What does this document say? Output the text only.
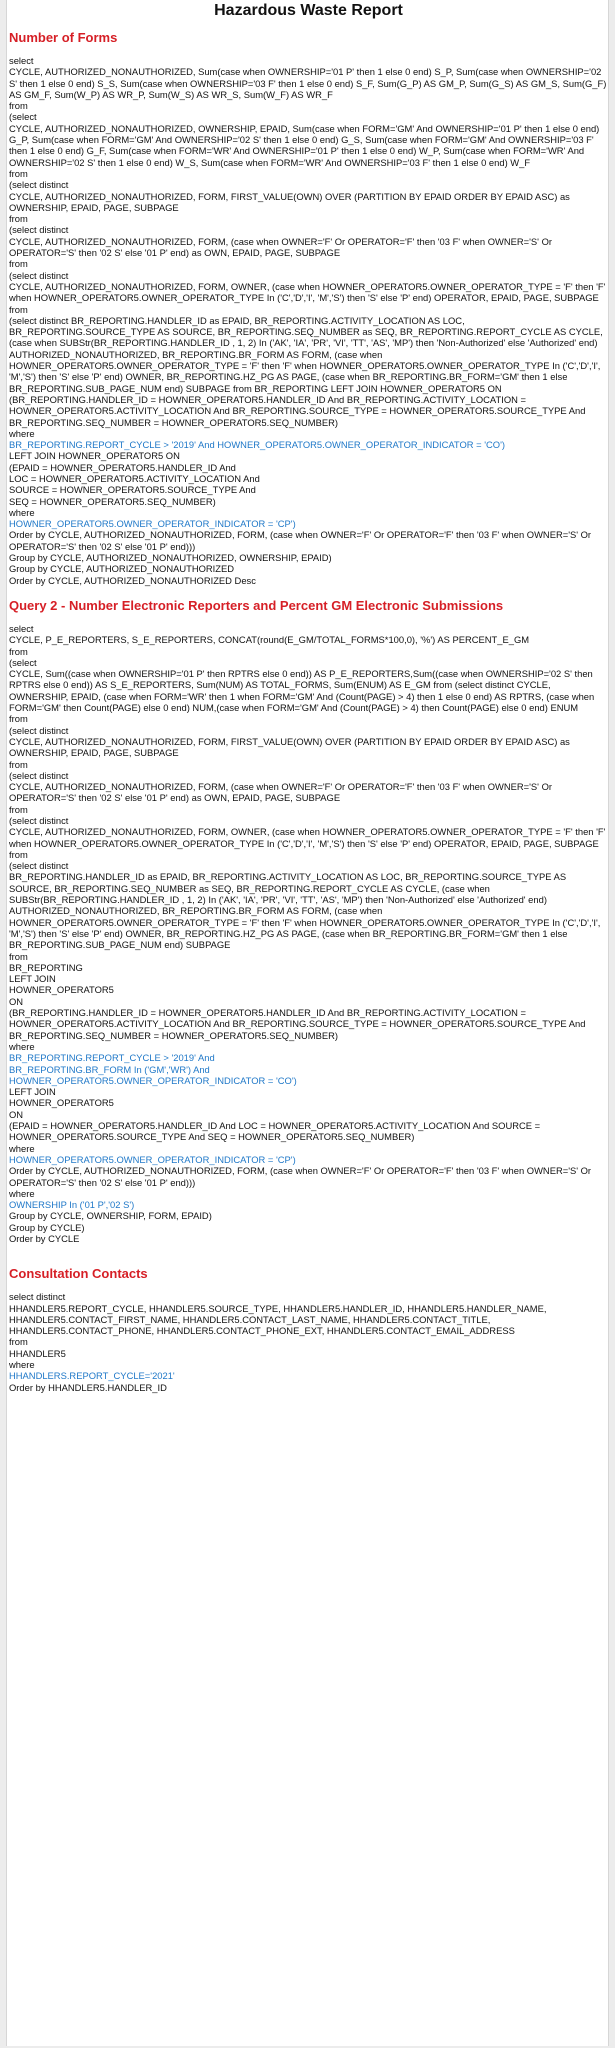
Hazardous Waste Report
Number of Forms
select
CYCLE, AUTHORIZED_NONAUTHORIZED, Sum(case when OWNERSHIP='01 P' then 1 else 0 end) S_P, Sum(case when OWNERSHIP='02 S' then 1 else 0 end) S_S, Sum(case when OWNERSHIP='03 F' then 1 else 0 end) S_F, Sum(G_P) AS GM_P, Sum(G_S) AS GM_S, Sum(G_F) AS GM_F, Sum(W_P) AS WR_P, Sum(W_S) AS WR_S, Sum(W_F) AS WR_F
from
(select
CYCLE, AUTHORIZED_NONAUTHORIZED, OWNERSHIP, EPAID, Sum(case when FORM='GM' And OWNERSHIP='01 P' then 1 else 0 end) G_P, Sum(case when FORM='GM' And OWNERSHIP='02 S' then 1 else 0 end) G_S, Sum(case when FORM='GM' And OWNERSHIP='03 F' then 1 else 0 end) G_F, Sum(case when FORM='WR' And OWNERSHIP='01 P' then 1 else 0 end) W_P, Sum(case when FORM='WR' And OWNERSHIP='02 S' then 1 else 0 end) W_S, Sum(case when FORM='WR' And OWNERSHIP='03 F' then 1 else 0 end) W_F
from
(select distinct
CYCLE, AUTHORIZED_NONAUTHORIZED, FORM, FIRST_VALUE(OWN) OVER (PARTITION BY EPAID ORDER BY EPAID ASC) as OWNERSHIP, EPAID, PAGE, SUBPAGE
from
(select distinct
CYCLE, AUTHORIZED_NONAUTHORIZED, FORM, (case when OWNER='F' Or OPERATOR='F' then '03 F' when OWNER='S' Or OPERATOR='S' then '02 S' else '01 P' end) as OWN, EPAID, PAGE, SUBPAGE
from
(select distinct
CYCLE, AUTHORIZED_NONAUTHORIZED, FORM, OWNER, (case when HOWNER_OPERATOR5.OWNER_OPERATOR_TYPE = 'F' then 'F' when HOWNER_OPERATOR5.OWNER_OPERATOR_TYPE In ('C','D','I', 'M','S') then 'S' else 'P' end) OPERATOR, EPAID, PAGE, SUBPAGE
from
(select distinct BR_REPORTING.HANDLER_ID as EPAID, BR_REPORTING.ACTIVITY_LOCATION AS LOC, BR_REPORTING.SOURCE_TYPE AS SOURCE, BR_REPORTING.SEQ_NUMBER as SEQ, BR_REPORTING.REPORT_CYCLE AS CYCLE, (case when SUBStr(BR_REPORTING.HANDLER_ID , 1, 2) In ('AK', 'IA', 'PR', 'VI', 'TT', 'AS', 'MP') then 'Non-Authorized' else 'Authorized' end) AUTHORIZED_NONAUTHORIZED, BR_REPORTING.BR_FORM AS FORM, (case when HOWNER_OPERATOR5.OWNER_OPERATOR_TYPE = 'F' then 'F' when HOWNER_OPERATOR5.OWNER_OPERATOR_TYPE In ('C','D','I', 'M','S') then 'S' else 'P' end) OWNER, BR_REPORTING.HZ_PG AS PAGE, (case when BR_REPORTING.BR_FORM='GM' then 1 else BR_REPORTING.SUB_PAGE_NUM end) SUBPAGE from BR_REPORTING LEFT JOIN HOWNER_OPERATOR5 ON (BR_REPORTING.HANDLER_ID = HOWNER_OPERATOR5.HANDLER_ID And BR_REPORTING.ACTIVITY_LOCATION = HOWNER_OPERATOR5.ACTIVITY_LOCATION And BR_REPORTING.SOURCE_TYPE = HOWNER_OPERATOR5.SOURCE_TYPE And BR_REPORTING.SEQ_NUMBER = HOWNER_OPERATOR5.SEQ_NUMBER)
where
BR_REPORTING.REPORT_CYCLE > '2019' And HOWNER_OPERATOR5.OWNER_OPERATOR_INDICATOR = 'CO')
LEFT JOIN HOWNER_OPERATOR5 ON
(EPAID = HOWNER_OPERATOR5.HANDLER_ID And
LOC = HOWNER_OPERATOR5.ACTIVITY_LOCATION And
SOURCE = HOWNER_OPERATOR5.SOURCE_TYPE And
SEQ = HOWNER_OPERATOR5.SEQ_NUMBER)
where
HOWNER_OPERATOR5.OWNER_OPERATOR_INDICATOR = 'CP')
Order by CYCLE, AUTHORIZED_NONAUTHORIZED, FORM, (case when OWNER='F' Or OPERATOR='F' then '03 F' when OWNER='S' Or OPERATOR='S' then '02 S' else '01 P' end)))
Group by CYCLE, AUTHORIZED_NONAUTHORIZED, OWNERSHIP, EPAID)
Group by CYCLE, AUTHORIZED_NONAUTHORIZED
Order by CYCLE, AUTHORIZED_NONAUTHORIZED Desc
Query 2 - Number Electronic Reporters and Percent GM Electronic Submissions
select
CYCLE, P_E_REPORTERS, S_E_REPORTERS, CONCAT(round(E_GM/TOTAL_FORMS*100,0), '%') AS PERCENT_E_GM
from
(select
CYCLE, Sum((case when OWNERSHIP='01 P' then RPTRS else 0 end)) AS P_E_REPORTERS,Sum((case when OWNERSHIP='02 S' then RPTRS else 0 end)) AS S_E_REPORTERS, Sum(NUM) AS TOTAL_FORMS, Sum(ENUM) AS E_GM from (select distinct CYCLE, OWNERSHIP, EPAID, (case when FORM='WR' then 1 when FORM='GM' And (Count(PAGE) > 4) then 1 else 0 end) AS RPTRS, (case when FORM='GM' then Count(PAGE) else 0 end) NUM,(case when FORM='GM' And (Count(PAGE) > 4) then Count(PAGE) else 0 end) ENUM
from
(select distinct
CYCLE, AUTHORIZED_NONAUTHORIZED, FORM, FIRST_VALUE(OWN) OVER (PARTITION BY EPAID ORDER BY EPAID ASC) as OWNERSHIP, EPAID, PAGE, SUBPAGE
from
(select distinct
CYCLE, AUTHORIZED_NONAUTHORIZED, FORM, (case when OWNER='F' Or OPERATOR='F' then '03 F' when OWNER='S' Or OPERATOR='S' then '02 S' else '01 P' end) as OWN, EPAID, PAGE, SUBPAGE
from
(select distinct
CYCLE, AUTHORIZED_NONAUTHORIZED, FORM, OWNER, (case when HOWNER_OPERATOR5.OWNER_OPERATOR_TYPE = 'F' then 'F' when HOWNER_OPERATOR5.OWNER_OPERATOR_TYPE In ('C','D','I', 'M','S') then 'S' else 'P' end) OPERATOR, EPAID, PAGE, SUBPAGE
from
(select distinct
BR_REPORTING.HANDLER_ID as EPAID, BR_REPORTING.ACTIVITY_LOCATION AS LOC, BR_REPORTING.SOURCE_TYPE AS SOURCE, BR_REPORTING.SEQ_NUMBER as SEQ, BR_REPORTING.REPORT_CYCLE AS CYCLE, (case when SUBStr(BR_REPORTING.HANDLER_ID , 1, 2) In ('AK', 'IA', 'PR', 'VI', 'TT', 'AS', 'MP') then 'Non-Authorized' else 'Authorized' end) AUTHORIZED_NONAUTHORIZED, BR_REPORTING.BR_FORM AS FORM, (case when HOWNER_OPERATOR5.OWNER_OPERATOR_TYPE = 'F' then 'F' when HOWNER_OPERATOR5.OWNER_OPERATOR_TYPE In ('C','D','I', 'M','S') then 'S' else 'P' end) OWNER, BR_REPORTING.HZ_PG AS PAGE, (case when BR_REPORTING.BR_FORM='GM' then 1 else BR_REPORTING.SUB_PAGE_NUM end) SUBPAGE
from
BR_REPORTING
LEFT JOIN
HOWNER_OPERATOR5
ON
(BR_REPORTING.HANDLER_ID = HOWNER_OPERATOR5.HANDLER_ID And BR_REPORTING.ACTIVITY_LOCATION = HOWNER_OPERATOR5.ACTIVITY_LOCATION And BR_REPORTING.SOURCE_TYPE = HOWNER_OPERATOR5.SOURCE_TYPE And BR_REPORTING.SEQ_NUMBER = HOWNER_OPERATOR5.SEQ_NUMBER)
where
BR_REPORTING.REPORT_CYCLE > '2019' And
BR_REPORTING.BR_FORM In ('GM','WR') And
HOWNER_OPERATOR5.OWNER_OPERATOR_INDICATOR = 'CO')
LEFT JOIN
HOWNER_OPERATOR5
ON
(EPAID = HOWNER_OPERATOR5.HANDLER_ID And LOC = HOWNER_OPERATOR5.ACTIVITY_LOCATION And SOURCE = HOWNER_OPERATOR5.SOURCE_TYPE And SEQ = HOWNER_OPERATOR5.SEQ_NUMBER)
where
HOWNER_OPERATOR5.OWNER_OPERATOR_INDICATOR = 'CP')
Order by CYCLE, AUTHORIZED_NONAUTHORIZED, FORM, (case when OWNER='F' Or OPERATOR='F' then '03 F' when OWNER='S' Or OPERATOR='S' then '02 S' else '01 P' end)))
where
OWNERSHIP In ('01 P','02 S')
Group by CYCLE, OWNERSHIP, FORM, EPAID)
Group by CYCLE)
Order by CYCLE
Consultation Contacts
select distinct
HHANDLER5.REPORT_CYCLE, HHANDLER5.SOURCE_TYPE, HHANDLER5.HANDLER_ID, HHANDLER5.HANDLER_NAME, HHANDLER5.CONTACT_FIRST_NAME, HHANDLER5.CONTACT_LAST_NAME, HHANDLER5.CONTACT_TITLE, HHANDLER5.CONTACT_PHONE, HHANDLER5.CONTACT_PHONE_EXT, HHANDLER5.CONTACT_EMAIL_ADDRESS
from
HHANDLER5
where
HHANDLERS.REPORT_CYCLE='2021'
Order by HHANDLER5.HANDLER_ID
